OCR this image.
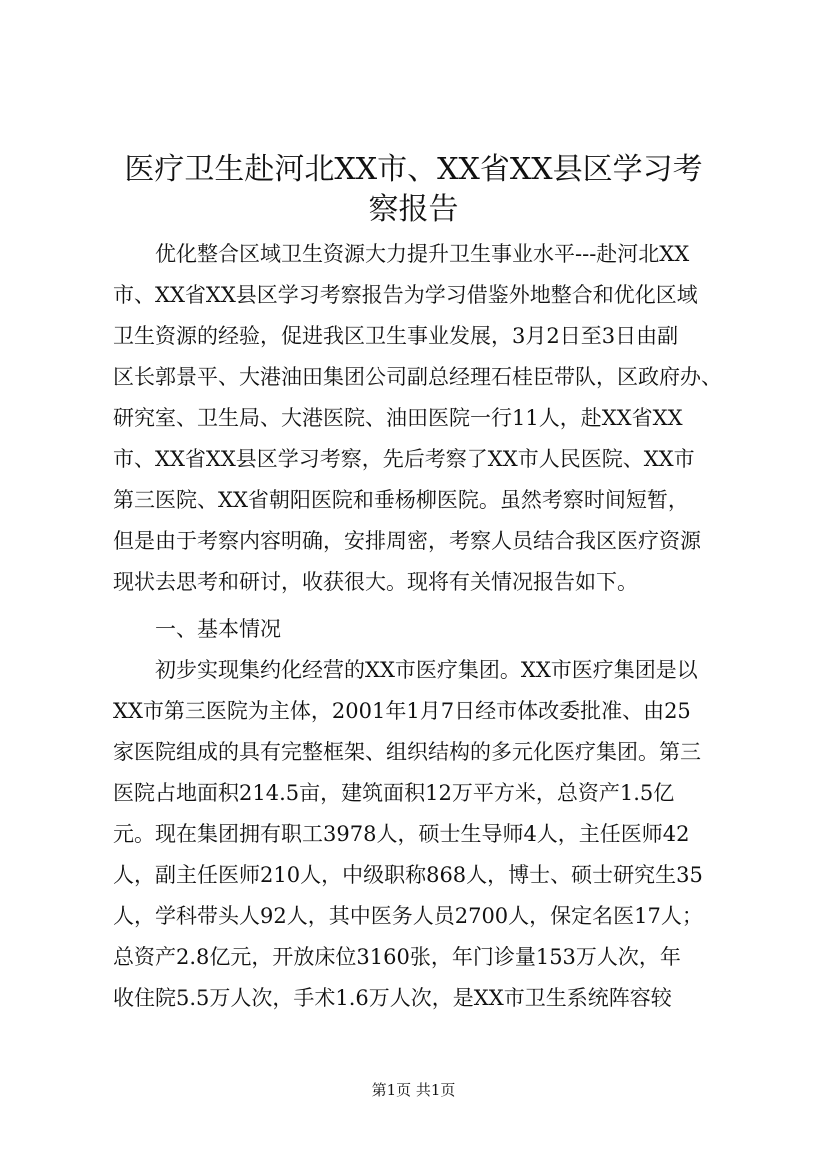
医疗卫生赴河北XX市、XX省XX县区学习考
察报告
　　优化整合区域卫生资源大力提升卫生事业水平---赴河北XX
市、XX省XX县区学习考察报告为学习借鉴外地整合和优化区域
卫生资源的经验，促进我区卫生事业发展，3月2日至3日由副
区长郭景平、大港油田集团公司副总经理石桂臣带队，区政府办、
研究室、卫生局、大港医院、油田医院一行11人，赴XX省XX
市、XX省XX县区学习考察，先后考察了XX市人民医院、XX市
第三医院、XX省朝阳医院和垂杨柳医院。虽然考察时间短暂，
但是由于考察内容明确，安排周密，考察人员结合我区医疗资源
现状去思考和研讨，收获很大。现将有关情况报告如下。
　　一、基本情况
　　初步实现集约化经营的XX市医疗集团。XX市医疗集团是以
XX市第三医院为主体，2001年1月7日经市体改委批准、由25
家医院组成的具有完整框架、组织结构的多元化医疗集团。第三
医院占地面积214.5亩，建筑面积12万平方米，总资产1.5亿
元。现在集团拥有职工3978人，硕士生导师4人，主任医师42
人，副主任医师210人，中级职称868人，博士、硕士研究生35
人，学科带头人92人，其中医务人员2700人，保定名医17人；
总资产2.8亿元，开放床位3160张，年门诊量153万人次，年
收住院5.5万人次，手术1.6万人次，是XX市卫生系统阵容较
第1页 共1页
